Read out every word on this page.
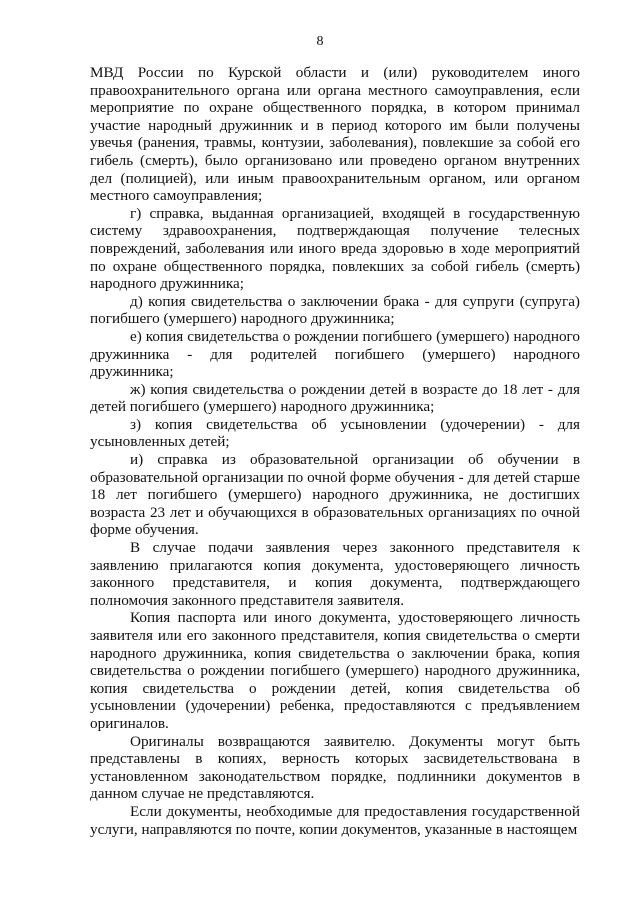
8

МВД России по Курской области и (или) руководителем иного правоохранительного органа или органа местного самоуправления, если мероприятие по охране общественного порядка, в котором принимал участие народный дружинник и в период которого им были получены увечья (ранения, травмы, контузии, заболевания), повлекшие за собой его гибель (смерть), было организовано или проведено органом внутренних дел (полицией), или иным правоохранительным органом, или органом местного самоуправления;

г) справка, выданная организацией, входящей в государственную систему здравоохранения, подтверждающая получение телесных повреждений, заболевания или иного вреда здоровью в ходе мероприятий по охране общественного порядка, повлекших за собой гибель (смерть) народного дружинника;

д) копия свидетельства о заключении брака - для супруги (супруга) погибшего (умершего) народного дружинника;

е) копия свидетельства о рождении погибшего (умершего) народного дружинника - для родителей погибшего (умершего) народного дружинника;

ж) копия свидетельства о рождении детей в возрасте до 18 лет - для детей погибшего (умершего) народного дружинника;

з) копия свидетельства об усыновлении (удочерении) - для усыновленных детей;

и) справка из образовательной организации об обучении в образовательной организации по очной форме обучения - для детей старше 18 лет погибшего (умершего) народного дружинника, не достигших возраста 23 лет и обучающихся в образовательных организациях по очной форме обучения.

В случае подачи заявления через законного представителя к заявлению прилагаются копия документа, удостоверяющего личность законного представителя, и копия документа, подтверждающего полномочия законного представителя заявителя.

Копия паспорта или иного документа, удостоверяющего личность заявителя или его законного представителя, копия свидетельства о смерти народного дружинника, копия свидетельства о заключении брака, копия свидетельства о рождении погибшего (умершего) народного дружинника, копия свидетельства о рождении детей, копия свидетельства об усыновлении (удочерении) ребенка, предоставляются с предъявлением оригиналов.

Оригиналы возвращаются заявителю. Документы могут быть представлены в копиях, верность которых засвидетельствована в установленном законодательством порядке, подлинники документов в данном случае не представляются.

Если документы, необходимые для предоставления государственной услуги, направляются по почте, копии документов, указанные в настоящем
